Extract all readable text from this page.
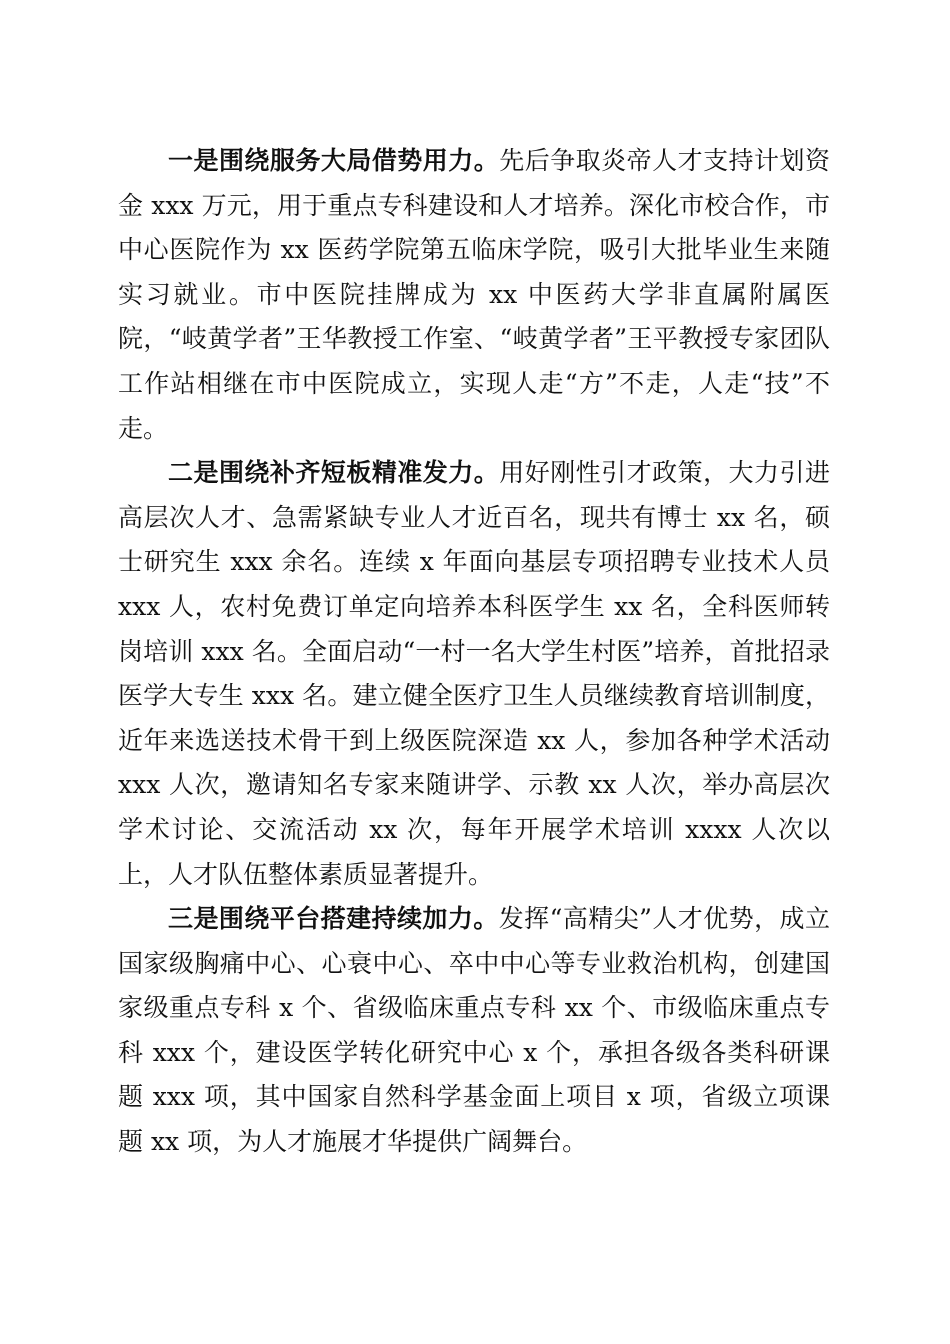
一是围绕服务大局借势用力。先后争取炎帝人才支持计划资金 xxx 万元，用于重点专科建设和人才培养。深化市校合作，市中心医院作为 xx 医药学院第五临床学院，吸引大批毕业生来随实习就业。市中医院挂牌成为 xx 中医药大学非直属附属医院，“岐黄学者”王华教授工作室、“岐黄学者”王平教授专家团队工作站相继在市中医院成立，实现人走“方”不走，人走“技”不走。

二是围绕补齐短板精准发力。用好刚性引才政策，大力引进高层次人才、急需紧缺专业人才近百名，现共有博士 xx 名，硕士研究生 xxx 余名。连续 x 年面向基层专项招聘专业技术人员 xxx 人，农村免费订单定向培养本科医学生 xx 名，全科医师转岗培训 xxx 名。全面启动“一村一名大学生村医”培养，首批招录医学大专生 xxx 名。建立健全医疗卫生人员继续教育培训制度，近年来选送技术骨干到上级医院深造 xx 人，参加各种学术活动 xxx 人次，邀请知名专家来随讲学、示教 xx 人次，举办高层次学术讨论、交流活动 xx 次，每年开展学术培训 xxxx 人次以上，人才队伍整体素质显著提升。

三是围绕平台搭建持续加力。发挥“高精尖”人才优势，成立国家级胸痛中心、心衰中心、卒中中心等专业救治机构，创建国家级重点专科 x 个、省级临床重点专科 xx 个、市级临床重点专科 xxx 个，建设医学转化研究中心 x 个，承担各级各类科研课题 xxx 项，其中国家自然科学基金面上项目 x 项，省级立项课题 xx 项，为人才施展才华提供广阔舞台。
